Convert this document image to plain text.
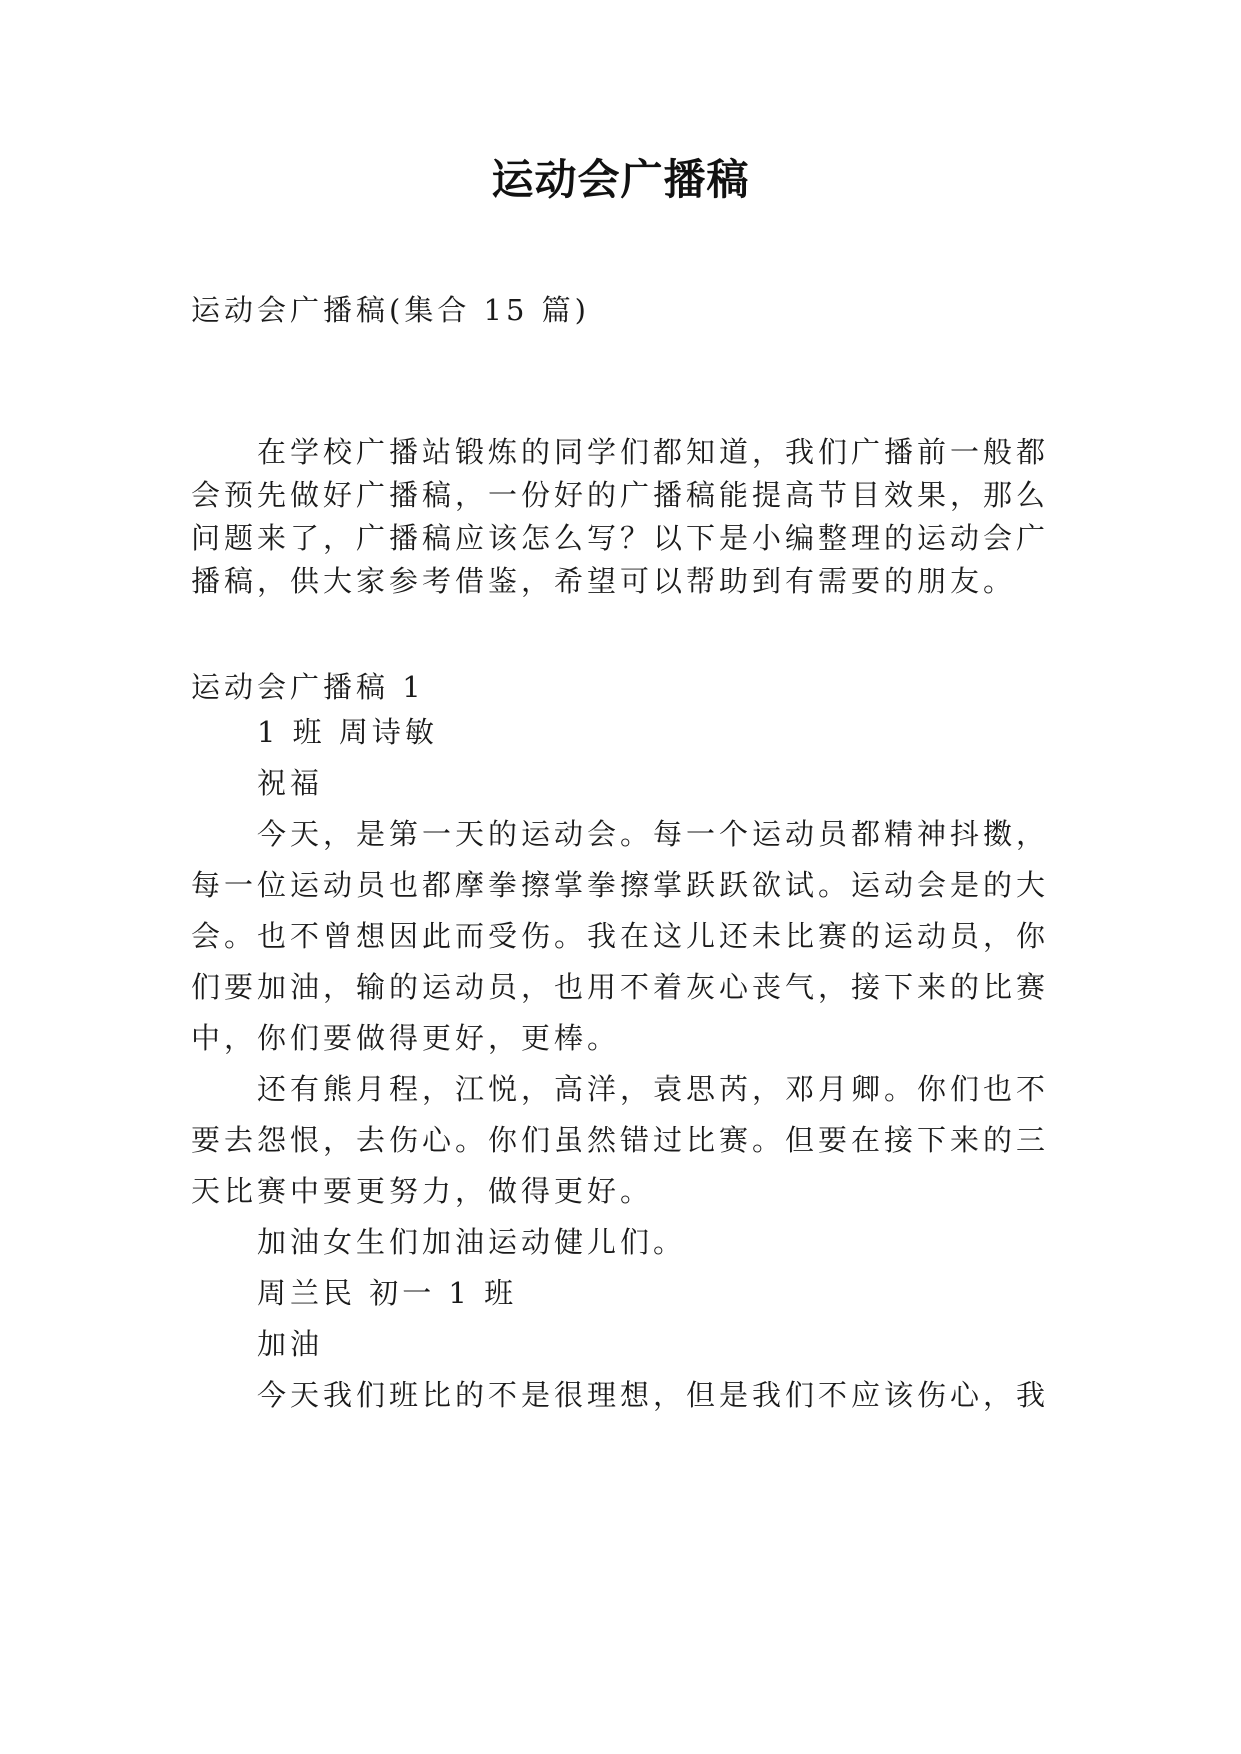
运动会广播稿
运动会广播稿(集合 15 篇)
　　在学校广播站锻炼的同学们都知道，我们广播前一般都
会预先做好广播稿，一份好的广播稿能提高节目效果，那么
问题来了，广播稿应该怎么写？以下是小编整理的运动会广
播稿，供大家参考借鉴，希望可以帮助到有需要的朋友。
运动会广播稿 1
　　1 班 周诗敏
　　祝福
　　今天，是第一天的运动会。每一个运动员都精神抖擞，
每一位运动员也都摩拳擦掌拳擦掌跃跃欲试。运动会是的大
会。也不曾想因此而受伤。我在这儿还未比赛的运动员，你
们要加油，输的运动员，也用不着灰心丧气，接下来的比赛
中，你们要做得更好，更棒。
　　还有熊月程，江悦，高洋，袁思芮，邓月卿。你们也不
要去怨恨，去伤心。你们虽然错过比赛。但要在接下来的三
天比赛中要更努力，做得更好。
　　加油女生们加油运动健儿们。
　　周兰民 初一 1 班
　　加油
　　今天我们班比的不是很理想，但是我们不应该伤心，我
